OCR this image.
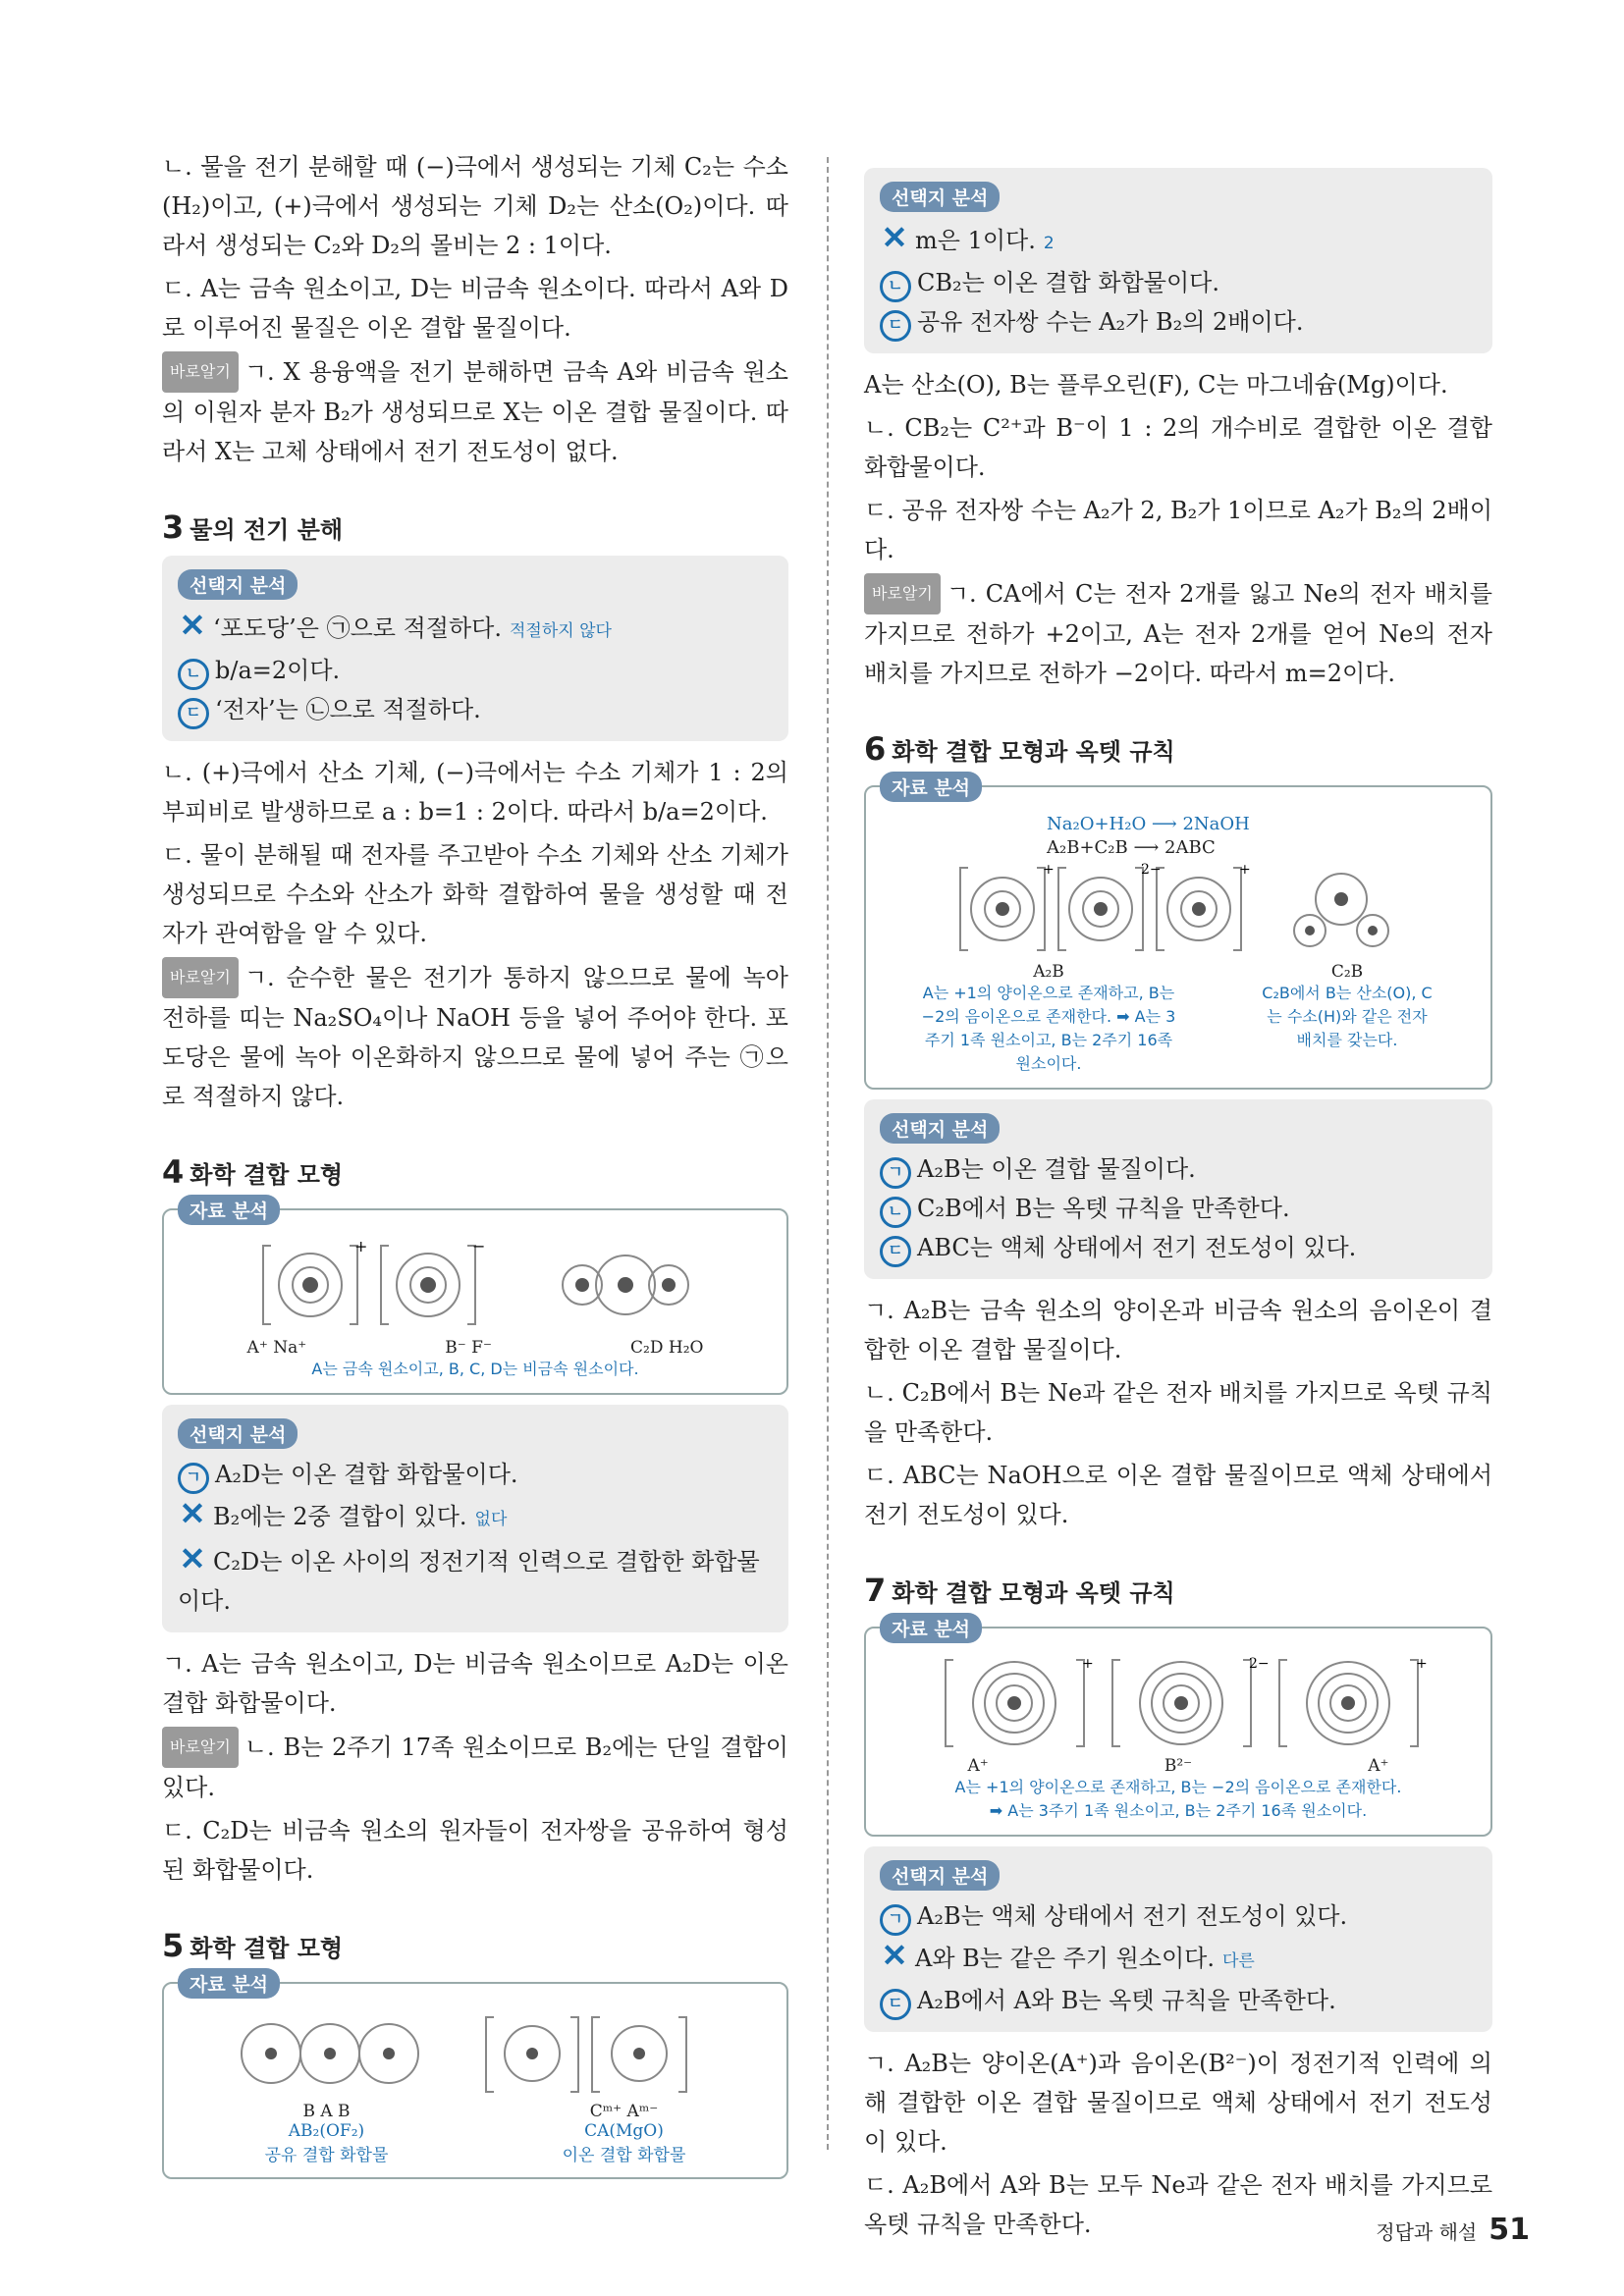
ㄴ. 물을 전기 분해할 때 (−)극에서 생성되는 기체 C₂는 수소(H₂)이고, (+)극에서 생성되는 기체 D₂는 산소(O₂)이다. 따라서 생성되는 C₂와 D₂의 몰비는 2 : 1이다.

ㄷ. A는 금속 원소이고, D는 비금속 원소이다. 따라서 A와 D로 이루어진 물질은 이온 결합 물질이다.

바로알기 ㄱ. X 용융액을 전기 분해하면 금속 A와 비금속 원소의 이원자 분자 B₂가 생성되므로 X는 이온 결합 물질이다. 따라서 X는 고체 상태에서 전기 전도성이 없다.

3 물의 전기 분해
선택지 분석
✕ ‘포도당’은 ㉠으로 적절하다. 적절하지 않다
ㄴ b/a=2이다.
ㄷ ‘전자’는 ㉡으로 적절하다.

ㄴ. (+)극에서 산소 기체, (−)극에서는 수소 기체가 1 : 2의 부피비로 발생하므로 a : b=1 : 2이다. 따라서 b/a=2이다.

ㄷ. 물이 분해될 때 전자를 주고받아 수소 기체와 산소 기체가 생성되므로 수소와 산소가 화학 결합하여 물을 생성할 때 전자가 관여함을 알 수 있다.

바로알기 ㄱ. 순수한 물은 전기가 통하지 않으므로 물에 녹아 전하를 띠는 Na₂SO₄이나 NaOH 등을 넣어 주어야 한다. 포도당은 물에 녹아 이온화하지 않으므로 물에 넣어 주는 ㉠으로 적절하지 않다.

4 화학 결합 모형
자료 분석
+	−
A⁺ Na⁺	B⁻ F⁻	C₂D H₂O
A는 금속 원소이고, B, C, D는 비금속 원소이다.
선택지 분석
ㄱ A₂D는 이온 결합 화합물이다.
✕ B₂에는 2중 결합이 있다. 없다
✕ C₂D는 이온 사이의 정전기적 인력으로 결합한 화합물이다.

ㄱ. A는 금속 원소이고, D는 비금속 원소이므로 A₂D는 이온 결합 화합물이다.

바로알기 ㄴ. B는 2주기 17족 원소이므로 B₂에는 단일 결합이 있다.

ㄷ. C₂D는 비금속 원소의 원자들이 전자쌍을 공유하여 형성된 화합물이다.

5 화학 결합 모형
자료 분석
B A B
AB₂(OF₂)
공유 결합 화합물
Cᵐ⁺ Aᵐ⁻
CA(MgO)
이온 결합 화합물
선택지 분석
✕ m은 1이다. 2
ㄴ CB₂는 이온 결합 화합물이다.
ㄷ 공유 전자쌍 수는 A₂가 B₂의 2배이다.

A는 산소(O), B는 플루오린(F), C는 마그네슘(Mg)이다.

ㄴ. CB₂는 C²⁺과 B⁻이 1 : 2의 개수비로 결합한 이온 결합 화합물이다.

ㄷ. 공유 전자쌍 수는 A₂가 2, B₂가 1이므로 A₂가 B₂의 2배이다.

바로알기 ㄱ. CA에서 C는 전자 2개를 잃고 Ne의 전자 배치를 가지므로 전하가 +2이고, A는 전자 2개를 얻어 Ne의 전자 배치를 가지므로 전하가 −2이다. 따라서 m=2이다.

6 화학 결합 모형과 옥텟 규칙
자료 분석
Na₂O+H₂O ⟶ 2NaOH
A₂B+C₂B ⟶ 2ABC
+	2−	+
A₂B
A는 +1의 양이온으로 존재하고, B는 −2의 음이온으로 존재한다. ➡ A는 3주기 1족 원소이고, B는 2주기 16족 원소이다.
C₂B
C₂B에서 B는 산소(O), C는 수소(H)와 같은 전자 배치를 갖는다.
선택지 분석
ㄱ A₂B는 이온 결합 물질이다.
ㄴ C₂B에서 B는 옥텟 규칙을 만족한다.
ㄷ ABC는 액체 상태에서 전기 전도성이 있다.

ㄱ. A₂B는 금속 원소의 양이온과 비금속 원소의 음이온이 결합한 이온 결합 물질이다.

ㄴ. C₂B에서 B는 Ne과 같은 전자 배치를 가지므로 옥텟 규칙을 만족한다.

ㄷ. ABC는 NaOH으로 이온 결합 물질이므로 액체 상태에서 전기 전도성이 있다.

7 화학 결합 모형과 옥텟 규칙
자료 분석
+	2−	+
A⁺	B²⁻	A⁺
A는 +1의 양이온으로 존재하고, B는 −2의 음이온으로 존재한다.
➡ A는 3주기 1족 원소이고, B는 2주기 16족 원소이다.
선택지 분석
ㄱ A₂B는 액체 상태에서 전기 전도성이 있다.
✕ A와 B는 같은 주기 원소이다. 다른
ㄷ A₂B에서 A와 B는 옥텟 규칙을 만족한다.

ㄱ. A₂B는 양이온(A⁺)과 음이온(B²⁻)이 정전기적 인력에 의해 결합한 이온 결합 물질이므로 액체 상태에서 전기 전도성이 있다.

ㄷ. A₂B에서 A와 B는 모두 Ne과 같은 전자 배치를 가지므로 옥텟 규칙을 만족한다.	정답과 해설 51
